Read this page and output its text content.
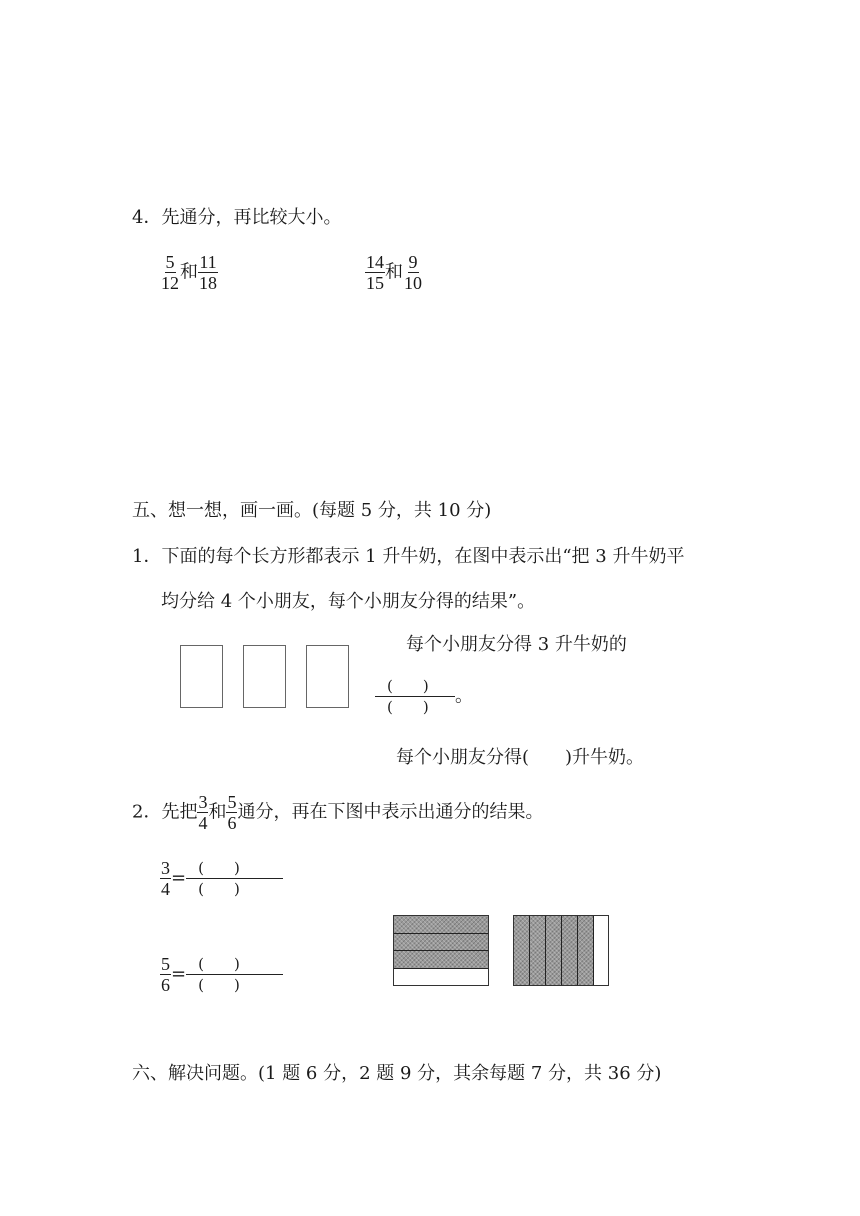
4．先通分，再比较大小。
$\frac{5}{12}$ 和 $\frac{11}{18}$	$\frac{14}{15}$ 和 $\frac{9}{10}$
五、想一想，画一画。(每题 5 分，共 10 分)
1．下面的每个长方形都表示 1 升牛奶，在图中表示出“把 3 升牛奶平
均分给 4 个小朋友，每个小朋友分得的结果”。
每个小朋友分得 3 升牛奶的
$\frac{( )}{( )}$ 。
每个小朋友分得(　　)升牛奶。
2．先把 $\frac{3}{4}$ 和 $\frac{5}{6}$ 通分，再在下图中表示出通分的结果。
$\frac{3}{4} = \frac{( )}{( )}$
$\frac{5}{6} = \frac{( )}{( )}$
六、解决问题。(1 题 6 分，2 题 9 分，其余每题 7 分，共 36 分)
